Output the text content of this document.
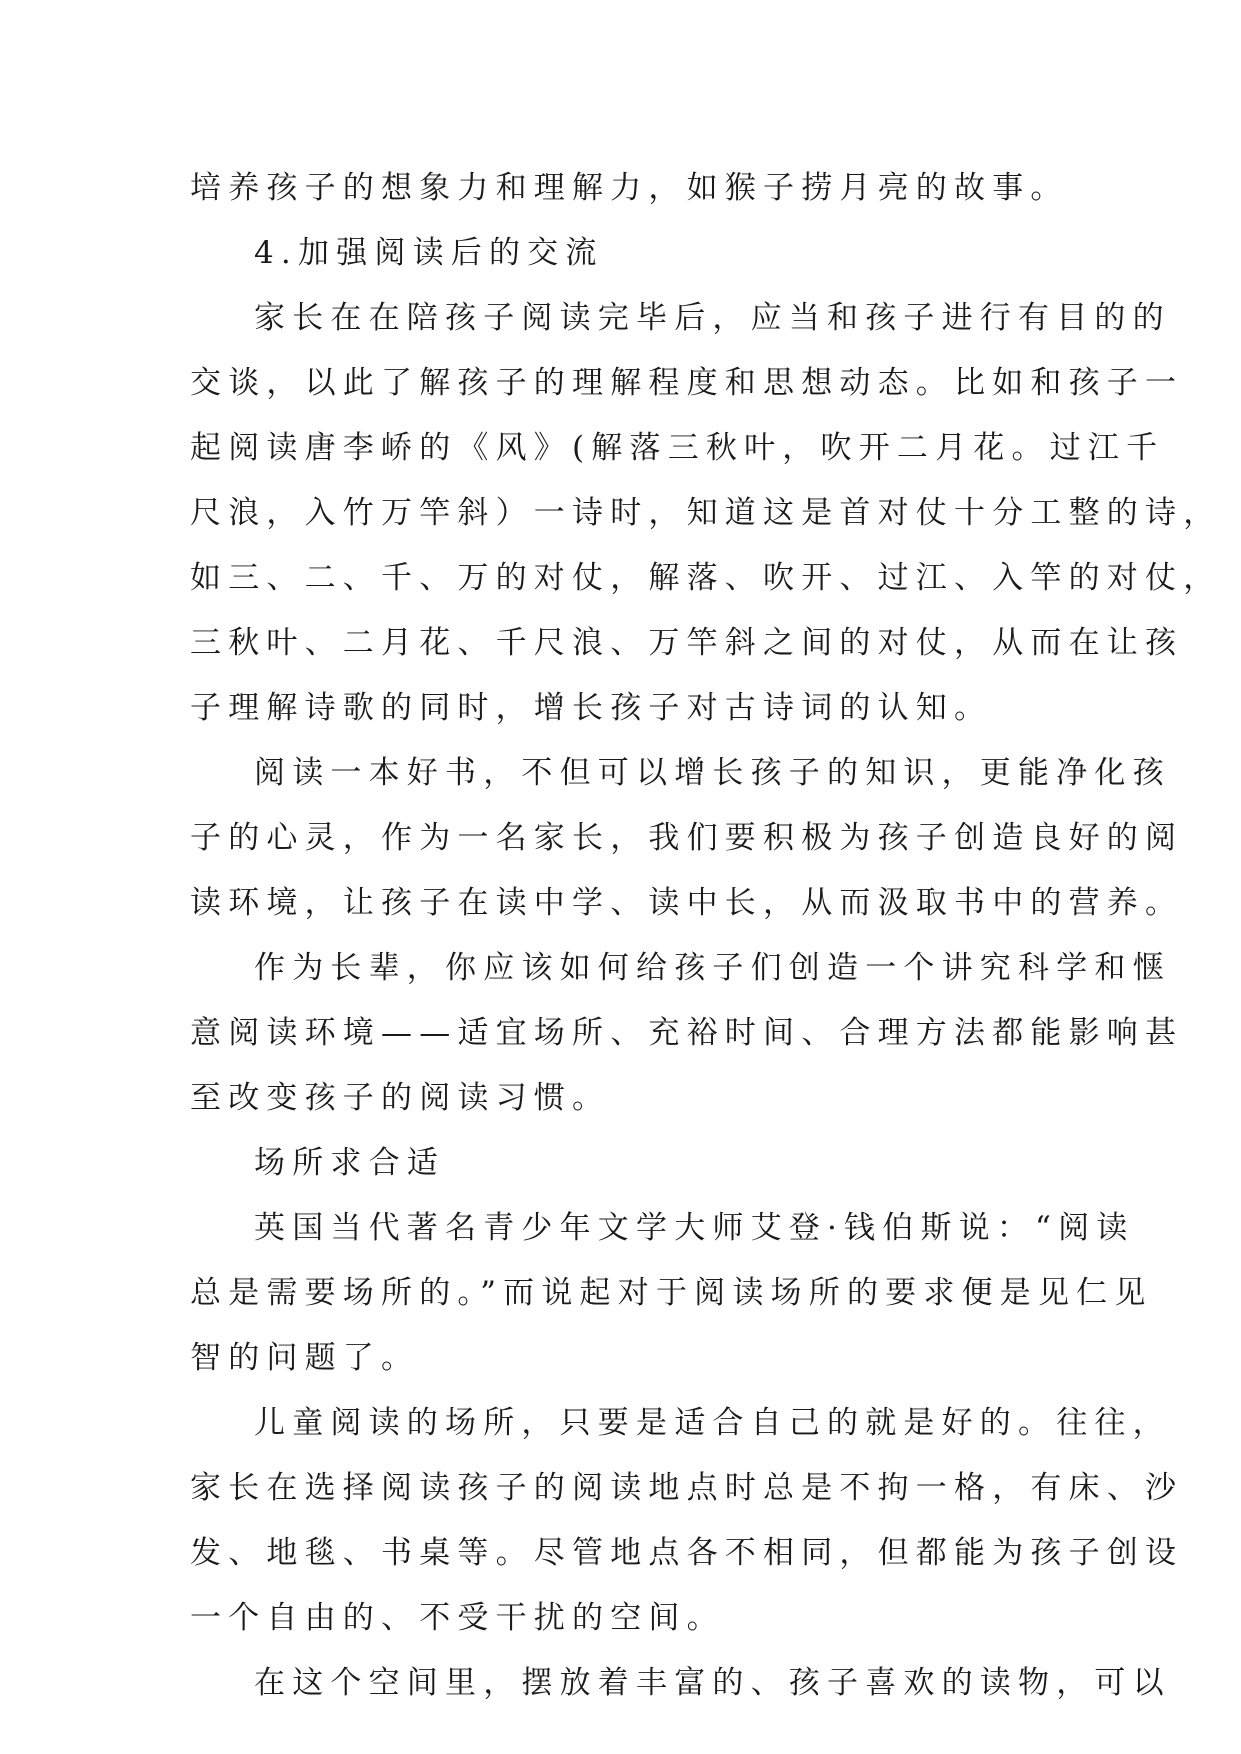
培养孩子的想象力和理解力，如猴子捞月亮的故事。
4.加强阅读后的交流
家长在在陪孩子阅读完毕后，应当和孩子进行有目的的
交谈，以此了解孩子的理解程度和思想动态。比如和孩子一
起阅读唐李峤的《风》(解落三秋叶，吹开二月花。过江千
尺浪，入竹万竿斜）一诗时，知道这是首对仗十分工整的诗，
如三、二、千、万的对仗，解落、吹开、过江、入竿的对仗，
三秋叶、二月花、千尺浪、万竿斜之间的对仗，从而在让孩
子理解诗歌的同时，增长孩子对古诗词的认知。
阅读一本好书，不但可以增长孩子的知识，更能净化孩
子的心灵，作为一名家长，我们要积极为孩子创造良好的阅
读环境，让孩子在读中学、读中长，从而汲取书中的营养。
作为长辈，你应该如何给孩子们创造一个讲究科学和惬
意阅读环境——适宜场所、充裕时间、合理方法都能影响甚
至改变孩子的阅读习惯。
场所求合适
英国当代著名青少年文学大师艾登·钱伯斯说：“阅读
总是需要场所的。”而说起对于阅读场所的要求便是见仁见
智的问题了。
儿童阅读的场所，只要是适合自己的就是好的。往往，
家长在选择阅读孩子的阅读地点时总是不拘一格，有床、沙
发、地毯、书桌等。尽管地点各不相同，但都能为孩子创设
一个自由的、不受干扰的空间。
在这个空间里，摆放着丰富的、孩子喜欢的读物，可以
